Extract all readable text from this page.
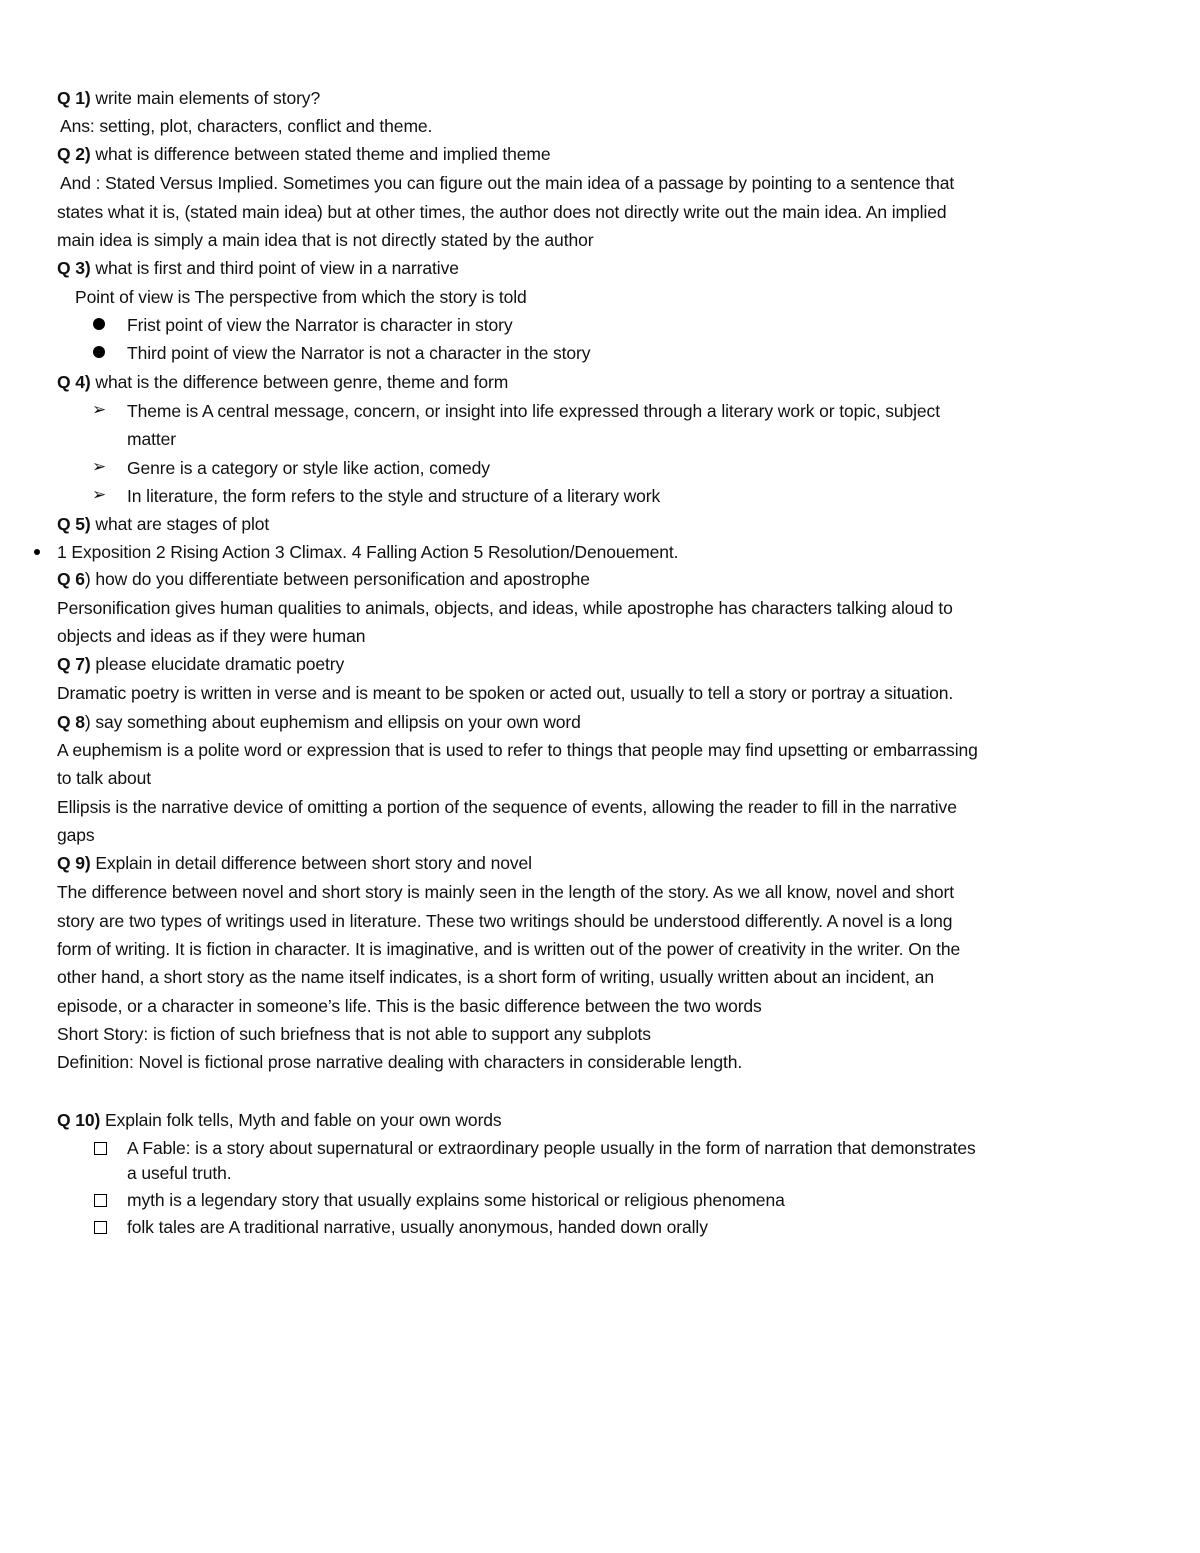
Q 1) write main elements of story?
Ans: setting, plot, characters, conflict and theme.
Q 2) what is difference between stated theme and implied theme
And : Stated Versus Implied. Sometimes you can figure out the main idea of a passage by pointing to a sentence that
states what it is, (stated main idea) but at other times, the author does not directly write out the main idea. An implied
main idea is simply a main idea that is not directly stated by the author
Q 3) what is first and third point of view in a narrative
Point of view is The perspective from which the story is told
Frist point of view the Narrator is character in story
Third point of view the Narrator is not a character in the story
Q 4) what is the difference between genre, theme and form
➢ Theme is A central message, concern, or insight into life expressed through a literary work or topic, subject
matter
➢ Genre is a category or style like action, comedy
➢ In literature, the form refers to the style and structure of a literary work
Q 5) what are stages of plot
1 Exposition 2 Rising Action 3 Climax. 4 Falling Action 5 Resolution/Denouement.
Q 6) how do you differentiate between personification and apostrophe
Personification gives human qualities to animals, objects, and ideas, while apostrophe has characters talking aloud to
objects and ideas as if they were human
Q 7) please elucidate dramatic poetry
Dramatic poetry is written in verse and is meant to be spoken or acted out, usually to tell a story or portray a situation.
Q 8) say something about euphemism and ellipsis on your own word
A euphemism is a polite word or expression that is used to refer to things that people may find upsetting or embarrassing
to talk about
Ellipsis is the narrative device of omitting a portion of the sequence of events, allowing the reader to fill in the narrative
gaps
Q 9) Explain in detail difference between short story and novel
The difference between novel and short story is mainly seen in the length of the story. As we all know, novel and short
story are two types of writings used in literature. These two writings should be understood differently. A novel is a long
form of writing. It is fiction in character. It is imaginative, and is written out of the power of creativity in the writer. On the
other hand, a short story as the name itself indicates, is a short form of writing, usually written about an incident, an
episode, or a character in someone’s life. This is the basic difference between the two words
Short Story: is fiction of such briefness that is not able to support any subplots
Definition: Novel is fictional prose narrative dealing with characters in considerable length.
Q 10) Explain folk tells, Myth and fable on your own words
A Fable: is a story about supernatural or extraordinary people usually in the form of narration that demonstrates
a useful truth.
myth is a legendary story that usually explains some historical or religious phenomena
folk tales are A traditional narrative, usually anonymous, handed down orally
